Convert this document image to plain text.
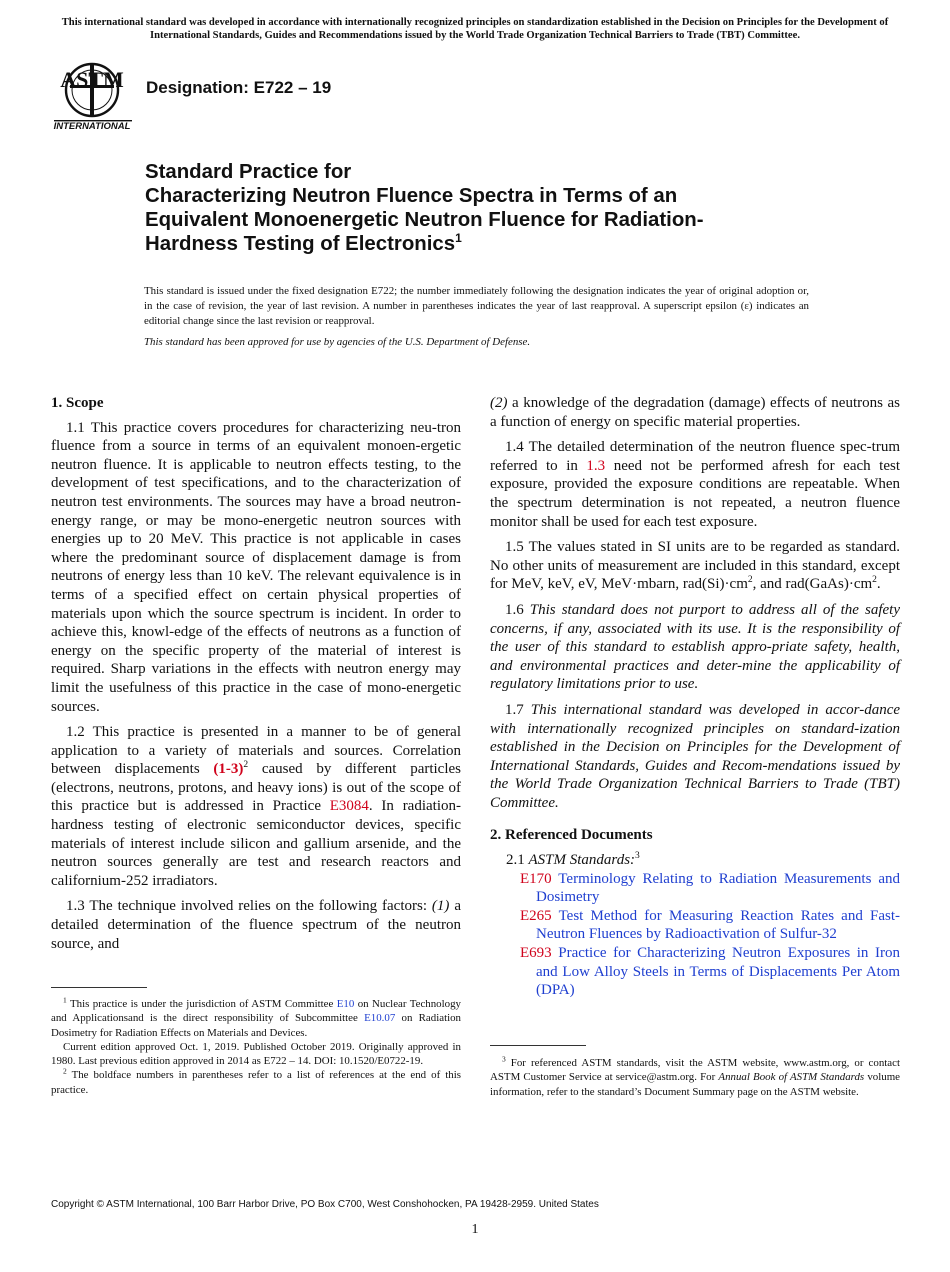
This international standard was developed in accordance with internationally recognized principles on standardization established in the Decision on Principles for the Development of International Standards, Guides and Recommendations issued by the World Trade Organization Technical Barriers to Trade (TBT) Committee.
ASTM
INTERNATIONAL
Designation: E722 – 19
Standard Practice for
Characterizing Neutron Fluence Spectra in Terms of an
Equivalent Monoenergetic Neutron Fluence for Radiation-
Hardness Testing of Electronics$^1$
This standard is issued under the fixed designation E722; the number immediately following the designation indicates the year of original adoption or, in the case of revision, the year of last revision. A number in parentheses indicates the year of last reapproval. A superscript epsilon (ε) indicates an editorial change since the last revision or reapproval.
This standard has been approved for use by agencies of the U.S. Department of Defense.
1. Scope

1.1 This practice covers procedures for characterizing neu-tron fluence from a source in terms of an equivalent monoen-ergetic neutron fluence. It is applicable to neutron effects testing, to the development of test specifications, and to the characterization of neutron test environments. The sources may have a broad neutron-energy range, or may be mono-energetic neutron sources with energies up to 20 MeV. This practice is not applicable in cases where the predominant source of displacement damage is from neutrons of energy less than 10 keV. The relevant equivalence is in terms of a specified effect on certain physical properties of materials upon which the source spectrum is incident. In order to achieve this, knowl-edge of the effects of neutrons as a function of energy on the specific property of the material of interest is required. Sharp variations in the effects with neutron energy may limit the usefulness of this practice in the case of mono-energetic sources.

1.2 This practice is presented in a manner to be of general application to a variety of materials and sources. Correlation between displacements $(1-3)^2$ caused by different particles (electrons, neutrons, protons, and heavy ions) is out of the scope of this practice but is addressed in Practice E3084. In radiation-hardness testing of electronic semiconductor devices, specific materials of interest include silicon and gallium arsenide, and the neutron sources generally are test and research reactors and californium-252 irradiators.

1.3 The technique involved relies on the following factors: (1) a detailed determination of the fluence spectrum of the neutron source, and

(2) a knowledge of the degradation (damage) effects of neutrons as a function of energy on specific material properties.

1.4 The detailed determination of the neutron fluence spec-trum referred to in 1.3 need not be performed afresh for each test exposure, provided the exposure conditions are repeatable. When the spectrum determination is not repeated, a neutron fluence monitor shall be used for each test exposure.

1.5 The values stated in SI units are to be regarded as standard. No other units of measurement are included in this standard, except for MeV, keV, eV, MeV·mbarn, $rad(Si)\cdot cm^2$, and $rad(GaAs)\cdot cm^2$.

1.6 This standard does not purport to address all of the safety concerns, if any, associated with its use. It is the responsibility of the user of this standard to establish appro-priate safety, health, and environmental practices and deter-mine the applicability of regulatory limitations prior to use.

1.7 This international standard was developed in accor-dance with internationally recognized principles on standard-ization established in the Decision on Principles for the Development of International Standards, Guides and Recom-mendations issued by the World Trade Organization Technical Barriers to Trade (TBT) Committee.

2. Referenced Documents
2.1 ASTM Standards:$^3$
E170 Terminology Relating to Radiation Measurements and Dosimetry
E265 Test Method for Measuring Reaction Rates and Fast-Neutron Fluences by Radioactivation of Sulfur-32
E693 Practice for Characterizing Neutron Exposures in Iron and Low Alloy Steels in Terms of Displacements Per Atom (DPA)

$^1$ This practice is under the jurisdiction of ASTM Committee E10 on Nuclear Technology and Applicationsand is the direct responsibility of Subcommittee E10.07 on Radiation Dosimetry for Radiation Effects on Materials and Devices.

Current edition approved Oct. 1, 2019. Published October 2019. Originally approved in 1980. Last previous edition approved in 2014 as E722 – 14. DOI: 10.1520/E0722-19.

$^2$ The boldface numbers in parentheses refer to a list of references at the end of this practice.

$^3$ For referenced ASTM standards, visit the ASTM website, www.astm.org, or contact ASTM Customer Service at service@astm.org. For Annual Book of ASTM Standards volume information, refer to the standard’s Document Summary page on the ASTM website.

Copyright © ASTM International, 100 Barr Harbor Drive, PO Box C700, West Conshohocken, PA 19428-2959. United States
1
